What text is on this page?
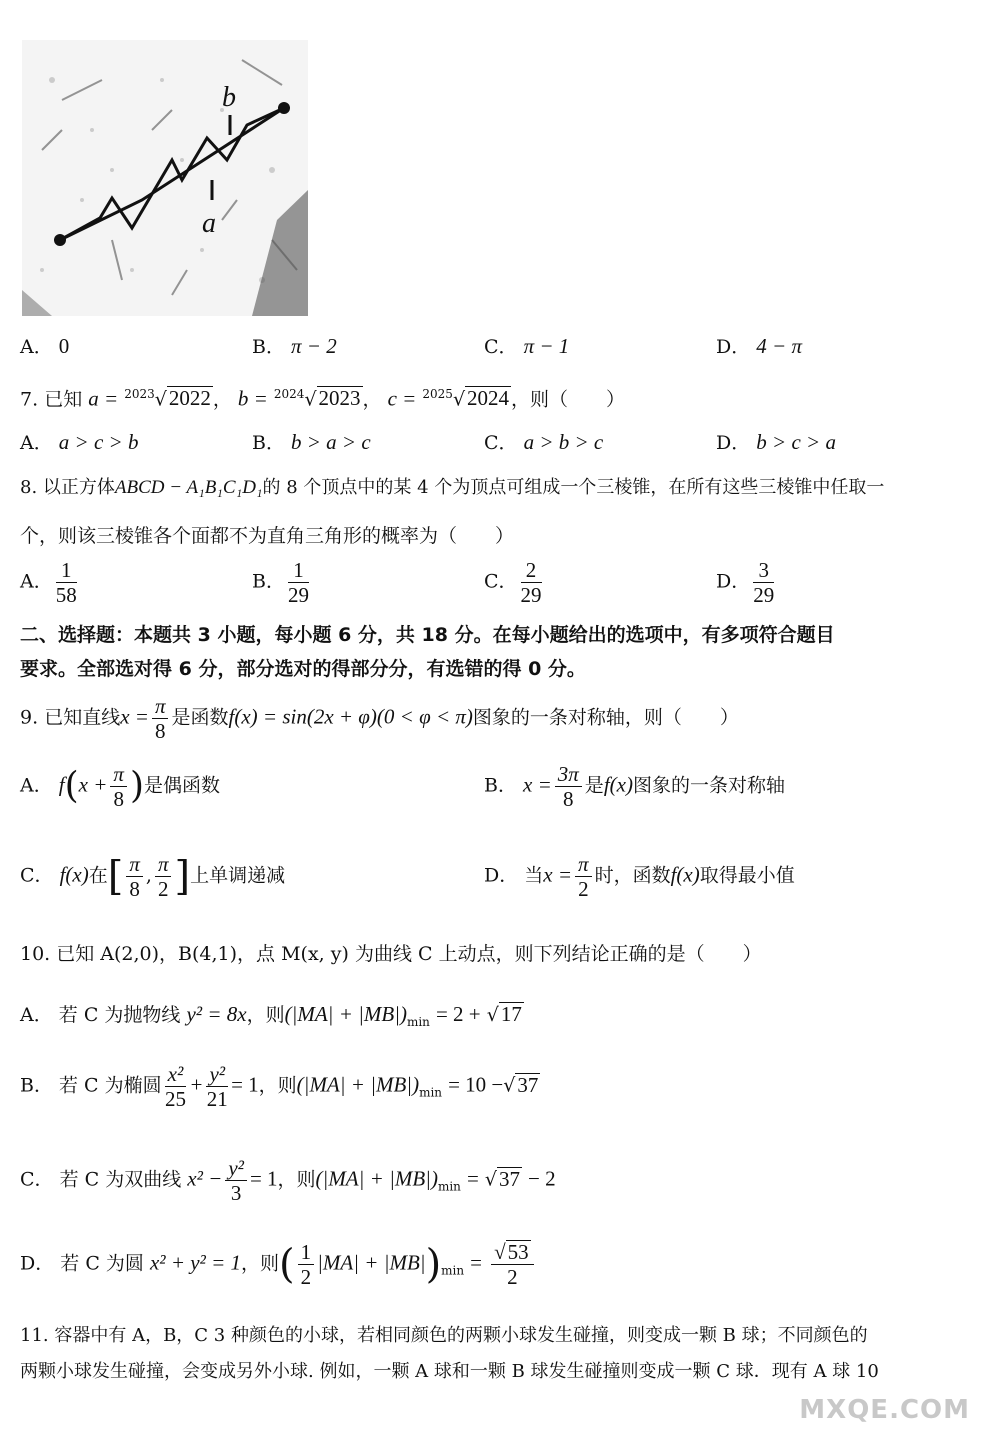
b
a
A． 0	B． π − 2	C． π − 1	D． 4 − π
7. 已知 a = $^{2023}$√2022 ， b = $^{2024}$√2023 ， c = $^{2025}$√2024 ，则（　　）
A． a > c > b	B． b > a > c	C． a > b > c	D． b > c > a
8. 以正方体ABCD − A₁B₁C₁D₁的 8 个顶点中的某 4 个为顶点可组成一个三棱锥，在所有这些三棱锥中任取一
个，则该三棱锥各个面都不为直角三角形的概率为（　　）
A． $\frac{1}{58}$	B． $\frac{1}{29}$	C． $\frac{2}{29}$	D． $\frac{3}{29}$
二、选择题：本题共 3 小题，每小题 6 分，共 18 分。在每小题给出的选项中，有多项符合题目
要求。全部选对得 6 分，部分选对的得部分分，有选错的得 0 分。
9. 已知直线$x = \frac{\pi}{8}$ 是函数f(x) = sin(2x + φ)(0 < φ < π)图象的一条对称轴，则（　　）
A． $f(x + \frac{\pi}{8}$ )是偶函数	B． $x = \frac{3\pi}{8}$ 是f(x)图象的一条对称轴
C． f(x)在[ $\frac{\pi}{8}$ , $\frac{\pi}{2}$ ]上单调递减	D． 当$x = \frac{\pi}{2}$ 时，函数f(x)取得最小值
10. 已知 A(2,0)，B(4,1)，点 M(x, y) 为曲线 C 上动点，则下列结论正确的是（　　）
A． 若 C 为抛物线 y² = 8x，则$(|MA| + |MB|)_{min} = 2 + √17$
B． 若 C 为椭圆 $\frac{\text{x²}}{25} + \frac{\text{y²}}{21} = 1$，则$(|MA| + |MB|)_{min} = 10 -√37$
C． 若 C 为双曲线 $x^2 - \frac{\text{y²}}{3} = 1$，则$(|MA| + |MB|)_{min} = √37 - 2$
D． 若 C 为圆 x² + y² = 1，则( $\frac{1}{2} |MA| + |MB|)_{min} = \frac{√53}{2}$
11. 容器中有 A，B，C 3 种颜色的小球，若相同颜色的两颗小球发生碰撞，则变成一颗 B 球；不同颜色的
两颗小球发生碰撞，会变成另外小球. 例如，一颗 A 球和一颗 B 球发生碰撞则变成一颗 C 球．现有 A 球 10
MXQE.COM
